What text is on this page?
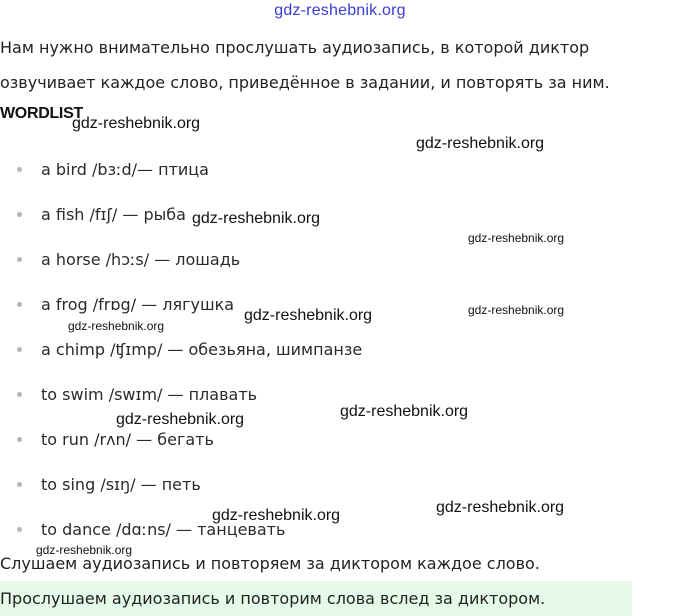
gdz-reshebnik.org

Нам нужно внимательно прослушать аудиозапись, в которой диктор озвучивает каждое слово, приведённое в задании, и повторять за ним.

WORDLIST
a bird /bɜːd/— птица
a fish /fɪʃ/ — рыба
a horse /hɔːs/ — лошадь
a frog /frɒg/ — лягушка
a chimp /ʧɪmp/ — обезьяна, шимпанзе
to swim /swɪm/ — плавать
to run /rʌn/ — бегать
to sing /sɪŋ/ — петь
to dance /dɑːns/ — танцевать

Слушаем аудиозапись и повторяем за диктором каждое слово.

Прослушаем аудиозапись и повторим слова вслед за диктором.
gdz-reshebnik.org
gdz-reshebnik.org
gdz-reshebnik.org
gdz-reshebnik.org
gdz-reshebnik.org	gdz-reshebnik.org
gdz-reshebnik.org
gdz-reshebnik.org
gdz-reshebnik.org
gdz-reshebnik.org
gdz-reshebnik.org
gdz-reshebnik.org
